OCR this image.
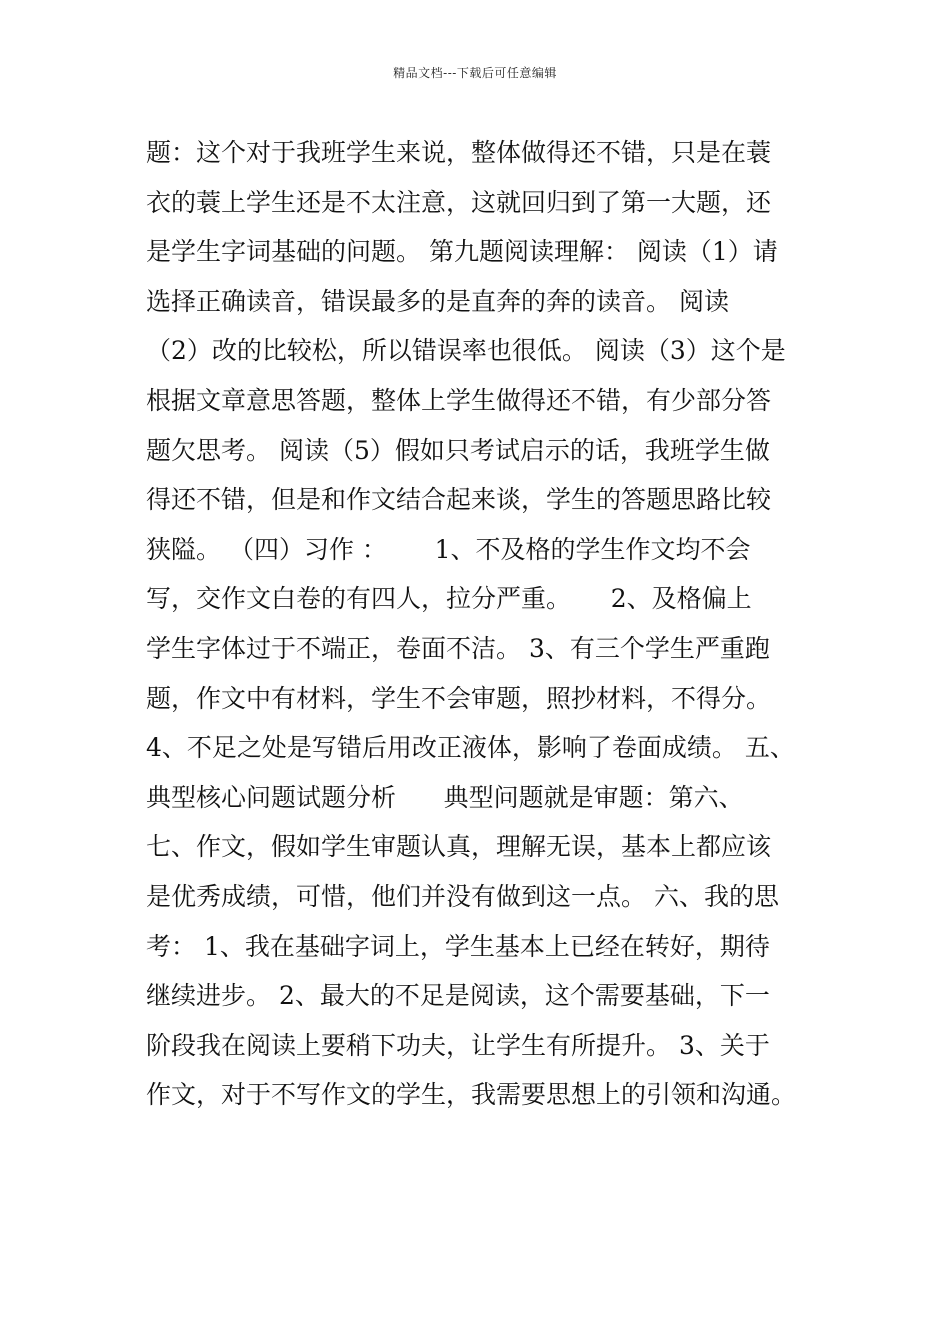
精品文档---下载后可任意编辑
题：这个对于我班学生来说，整体做得还不错，只是在蓑
衣的蓑上学生还是不太注意，这就回归到了第一大题，还
是学生字词基础的问题。 第九题阅读理解： 阅读（1）请
选择正确读音，错误最多的是直奔的奔的读音。 阅读
（2）改的比较松，所以错误率也很低。 阅读（3）这个是
根据文章意思答题，整体上学生做得还不错，有少部分答
题欠思考。 阅读（5）假如只考试启示的话，我班学生做
得还不错，但是和作文结合起来谈，学生的答题思路比较
狭隘。 （四）习作 ：      1、不及格的学生作文均不会
写，交作文白卷的有四人，拉分严重。     2、及格偏上
学生字体过于不端正，卷面不洁。 3、有三个学生严重跑
题，作文中有材料，学生不会审题，照抄材料，不得分。
4、不足之处是写错后用改正液体，影响了卷面成绩。 五、
典型核心问题试题分析      典型问题就是审题：第六、
七、作文，假如学生审题认真，理解无误，基本上都应该
是优秀成绩，可惜，他们并没有做到这一点。 六、我的思
考： 1、我在基础字词上，学生基本上已经在转好，期待
继续进步。 2、最大的不足是阅读，这个需要基础，下一
阶段我在阅读上要稍下功夫，让学生有所提升。 3、关于
作文，对于不写作文的学生，我需要思想上的引领和沟通。
